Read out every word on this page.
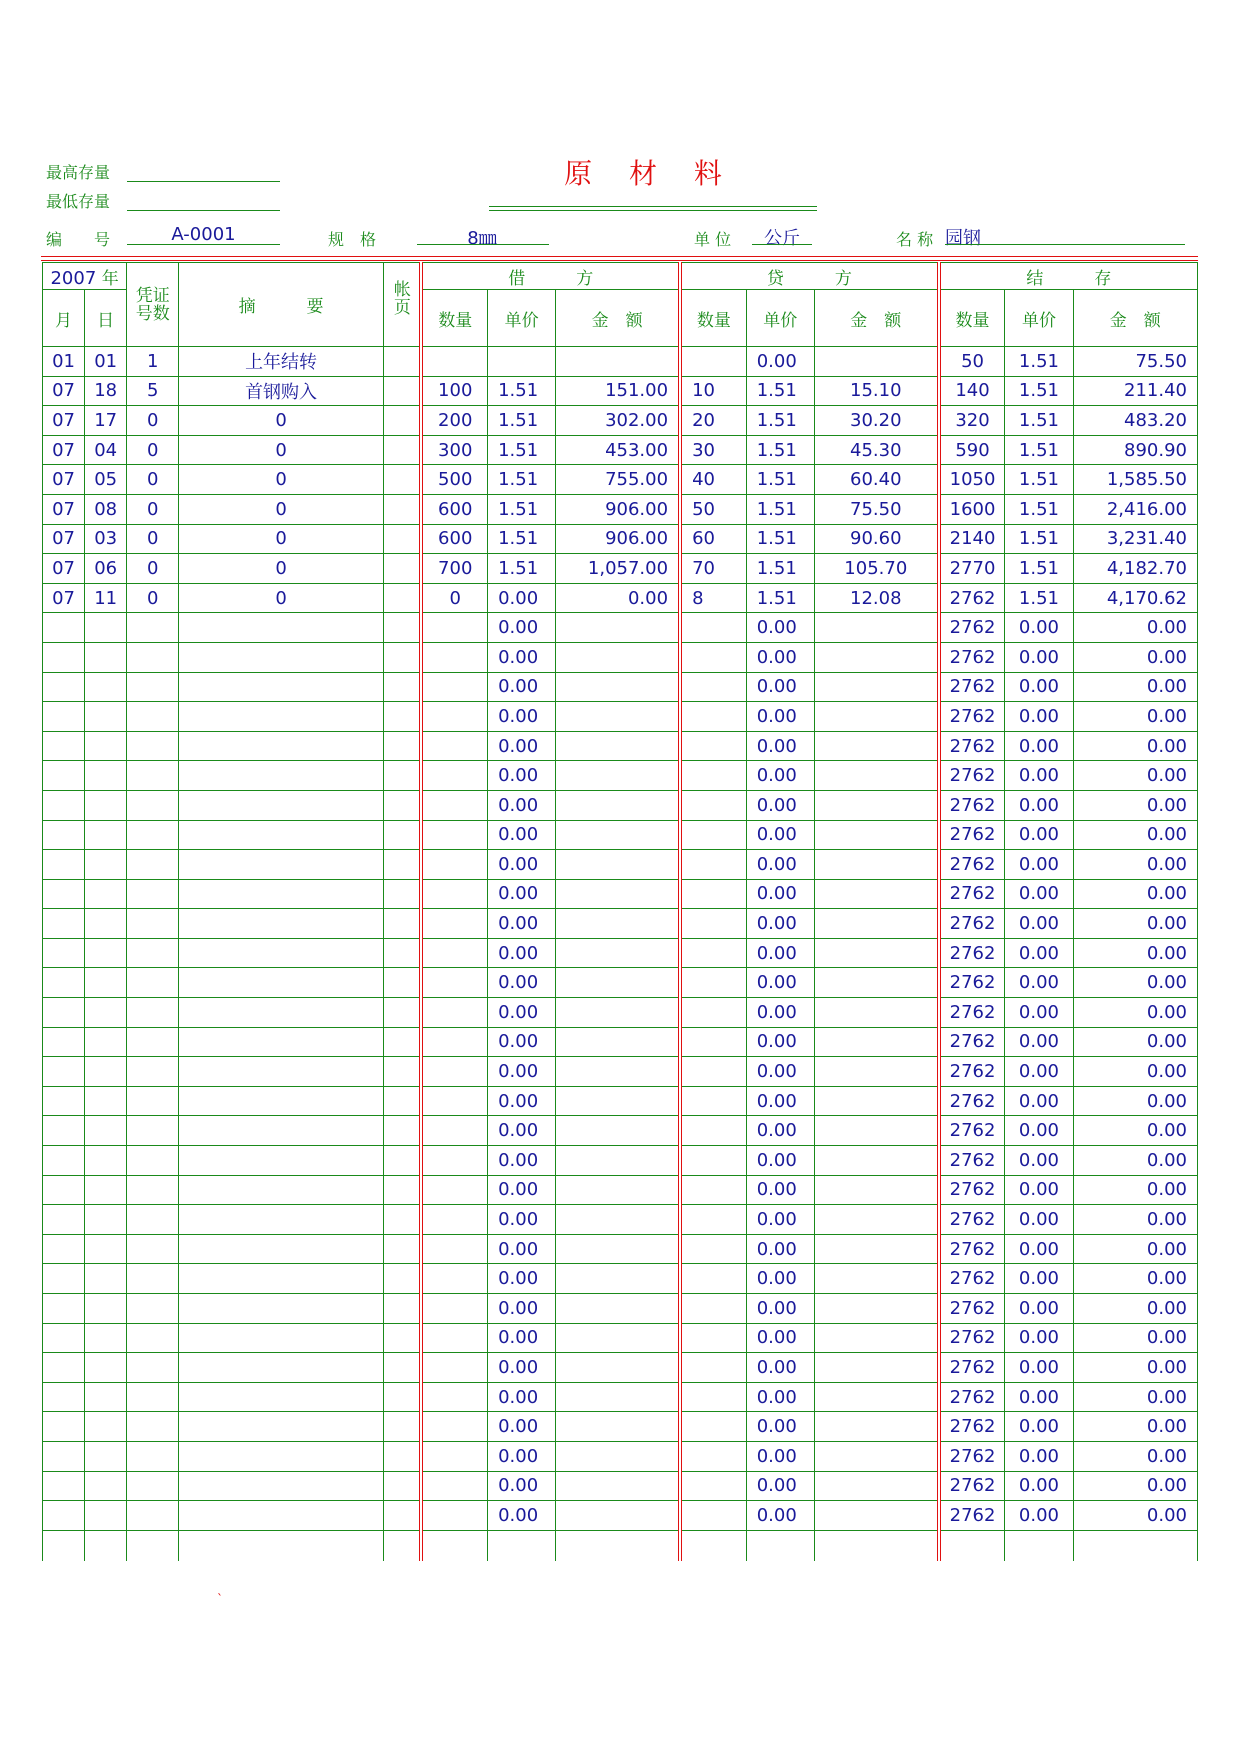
原 材 料
最高存量
最低存量
编　　号	A-0001	规　格	8㎜	单 位	公斤	名 称 园钢
2007 年		凭证号数	摘　　　要	帐页	借　　　方			贷　　　方			结　　　存		
					数量	单价	金　额	数量	单价	金　额	数量	单价	金　额
月	日												
01	01	1	上年结转						0.00		50	1.51	75.50
07	18	5	首钢购入		100	1.51	151.00	10	1.51	15.10	140	1.51	211.40
07	17	0	0		200	1.51	302.00	20	1.51	30.20	320	1.51	483.20
07	04	0	0		300	1.51	453.00	30	1.51	45.30	590	1.51	890.90
07	05	0	0		500	1.51	755.00	40	1.51	60.40	1050	1.51	1,585.50
07	08	0	0		600	1.51	906.00	50	1.51	75.50	1600	1.51	2,416.00
07	03	0	0		600	1.51	906.00	60	1.51	90.60	2140	1.51	3,231.40
07	06	0	0		700	1.51	1,057.00	70	1.51	105.70	2770	1.51	4,182.70
07	11	0	0		0	0.00	0.00	8	1.51	12.08	2762	1.51	4,170.62
						0.00			0.00		2762	0.00	0.00
						0.00			0.00		2762	0.00	0.00
						0.00			0.00		2762	0.00	0.00
						0.00			0.00		2762	0.00	0.00
						0.00			0.00		2762	0.00	0.00
						0.00			0.00		2762	0.00	0.00
						0.00			0.00		2762	0.00	0.00
						0.00			0.00		2762	0.00	0.00
						0.00			0.00		2762	0.00	0.00
						0.00			0.00		2762	0.00	0.00
						0.00			0.00		2762	0.00	0.00
						0.00			0.00		2762	0.00	0.00
						0.00			0.00		2762	0.00	0.00
						0.00			0.00		2762	0.00	0.00
						0.00			0.00		2762	0.00	0.00
						0.00			0.00		2762	0.00	0.00
						0.00			0.00		2762	0.00	0.00
						0.00			0.00		2762	0.00	0.00
						0.00			0.00		2762	0.00	0.00
						0.00			0.00		2762	0.00	0.00
						0.00			0.00		2762	0.00	0.00
						0.00			0.00		2762	0.00	0.00
						0.00			0.00		2762	0.00	0.00
						0.00			0.00		2762	0.00	0.00
						0.00			0.00		2762	0.00	0.00
						0.00			0.00		2762	0.00	0.00
						0.00			0.00		2762	0.00	0.00
						0.00			0.00		2762	0.00	0.00
						0.00			0.00		2762	0.00	0.00
						0.00			0.00		2762	0.00	0.00
						0.00			0.00		2762	0.00	0.00

`
